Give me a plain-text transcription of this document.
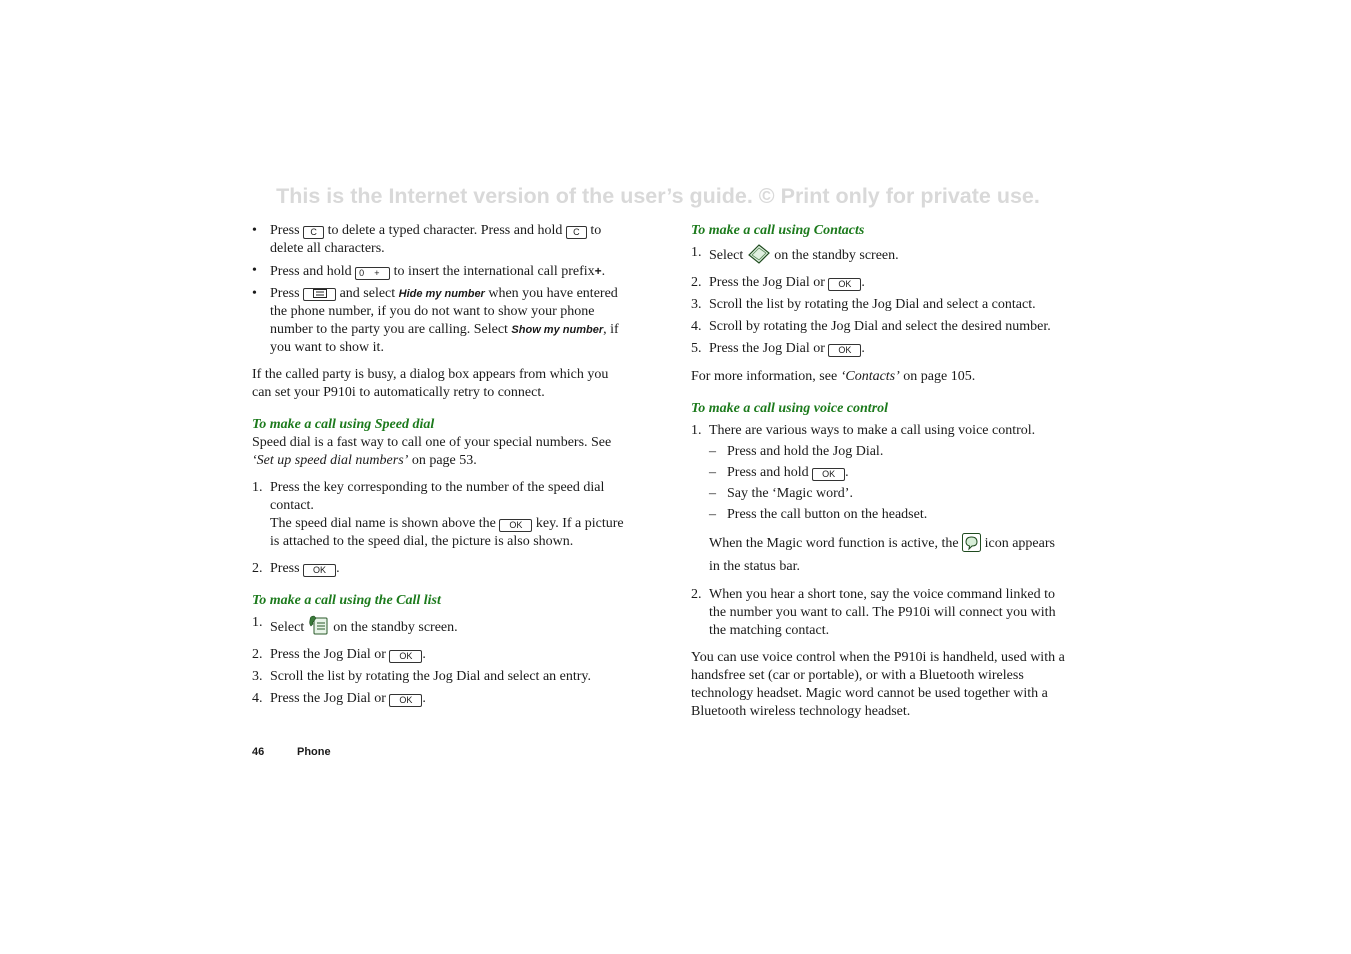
This is the Internet version of the user’s guide. © Print only for private use.
• Press C to delete a typed character. Press and hold C to delete all characters.
• Press and hold 0 + to insert the international call prefix+.
• Press	and select Hide my number when you have entered the phone number, if you do not want to show your phone number to the party you are calling. Select Show my number, if you want to show it.

If the called party is busy, a dialog box appears from which you can set your P910i to automatically retry to connect.

To make a call using Speed dial
Speed dial is a fast way to call one of your special numbers. See ‘Set up speed dial numbers’ on page 53.
1. Press the key corresponding to the number of the speed dial contact.
The speed dial name is shown above the OK key. If a picture is attached to the speed dial, the picture is also shown.
2. Press OK .
To make a call using the Call list
1. Select on the standby screen.
2. Press the Jog Dial or OK .
3. Scroll the list by rotating the Jog Dial and select an entry.
4. Press the Jog Dial or OK .
To make a call using Contacts
1. Select on the standby screen.
2. Press the Jog Dial or OK .
3. Scroll the list by rotating the Jog Dial and select a contact.
4. Scroll by rotating the Jog Dial and select the desired number.
5. Press the Jog Dial or OK .
For more information, see ‘Contacts’ on page 105.
To make a call using voice control
1. There are various ways to make a call using voice control.
– Press and hold the Jog Dial.
– Press and hold OK .
– Say the ‘Magic word’.
– Press the call button on the headset.
When the Magic word function is active, the icon appears in the status bar.
2. When you hear a short tone, say the voice command linked to the number you want to call. The P910i will connect you with the matching contact.

You can use voice control when the P910i is handheld, used with a handsfree set (car or portable), or with a Bluetooth wireless technology headset. Magic word cannot be used together with a Bluetooth wireless technology headset.

46	Phone
